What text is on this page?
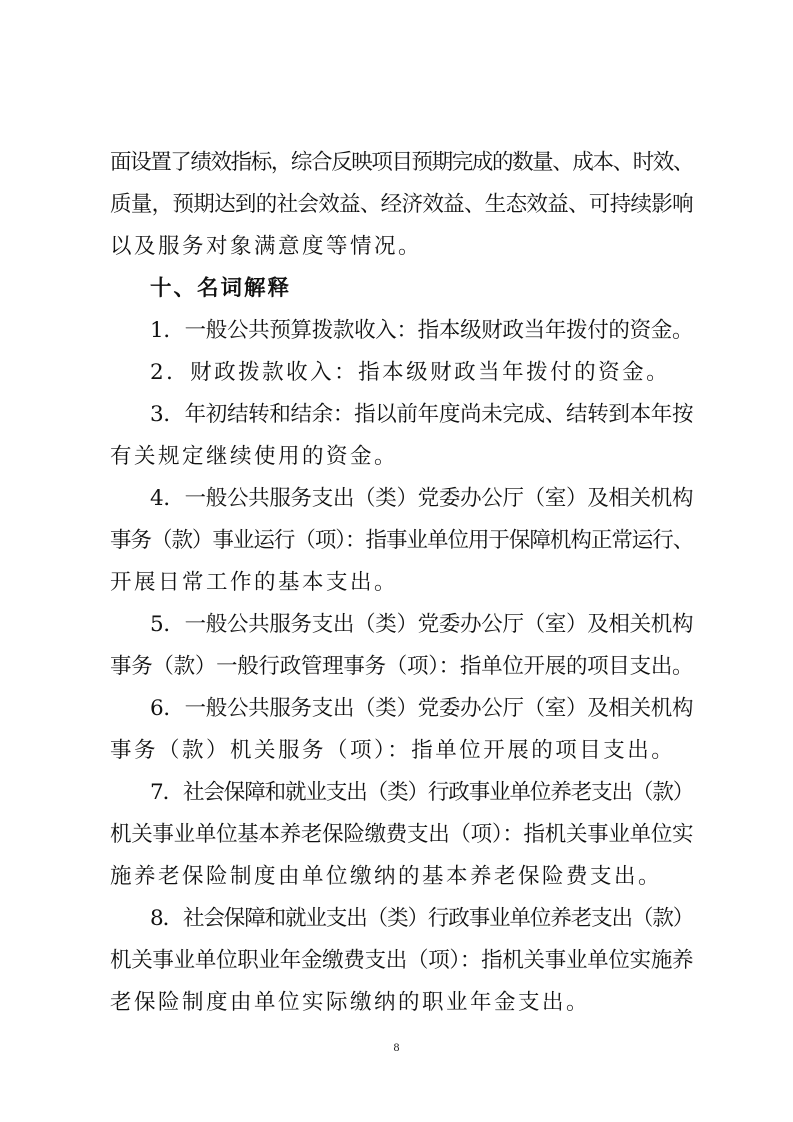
面设置了绩效指标，综合反映项目预期完成的数量、成本、时效、
质量，预期达到的社会效益、经济效益、生态效益、可持续影响
以及服务对象满意度等情况。
十、名词解释
1．一般公共预算拨款收入：指本级财政当年拨付的资金。
2．财政拨款收入：指本级财政当年拨付的资金。
3．年初结转和结余：指以前年度尚未完成、结转到本年按
有关规定继续使用的资金。
4．一般公共服务支出（类）党委办公厅（室）及相关机构
事务（款）事业运行（项）：指事业单位用于保障机构正常运行、
开展日常工作的基本支出。
5．一般公共服务支出（类）党委办公厅（室）及相关机构
事务（款）一般行政管理事务（项）：指单位开展的项目支出。
6．一般公共服务支出（类）党委办公厅（室）及相关机构
事务（款）机关服务（项）：指单位开展的项目支出。
7．社会保障和就业支出（类）行政事业单位养老支出（款）
机关事业单位基本养老保险缴费支出（项）：指机关事业单位实
施养老保险制度由单位缴纳的基本养老保险费支出。
8．社会保障和就业支出（类）行政事业单位养老支出（款）
机关事业单位职业年金缴费支出（项）：指机关事业单位实施养
老保险制度由单位实际缴纳的职业年金支出。
8
